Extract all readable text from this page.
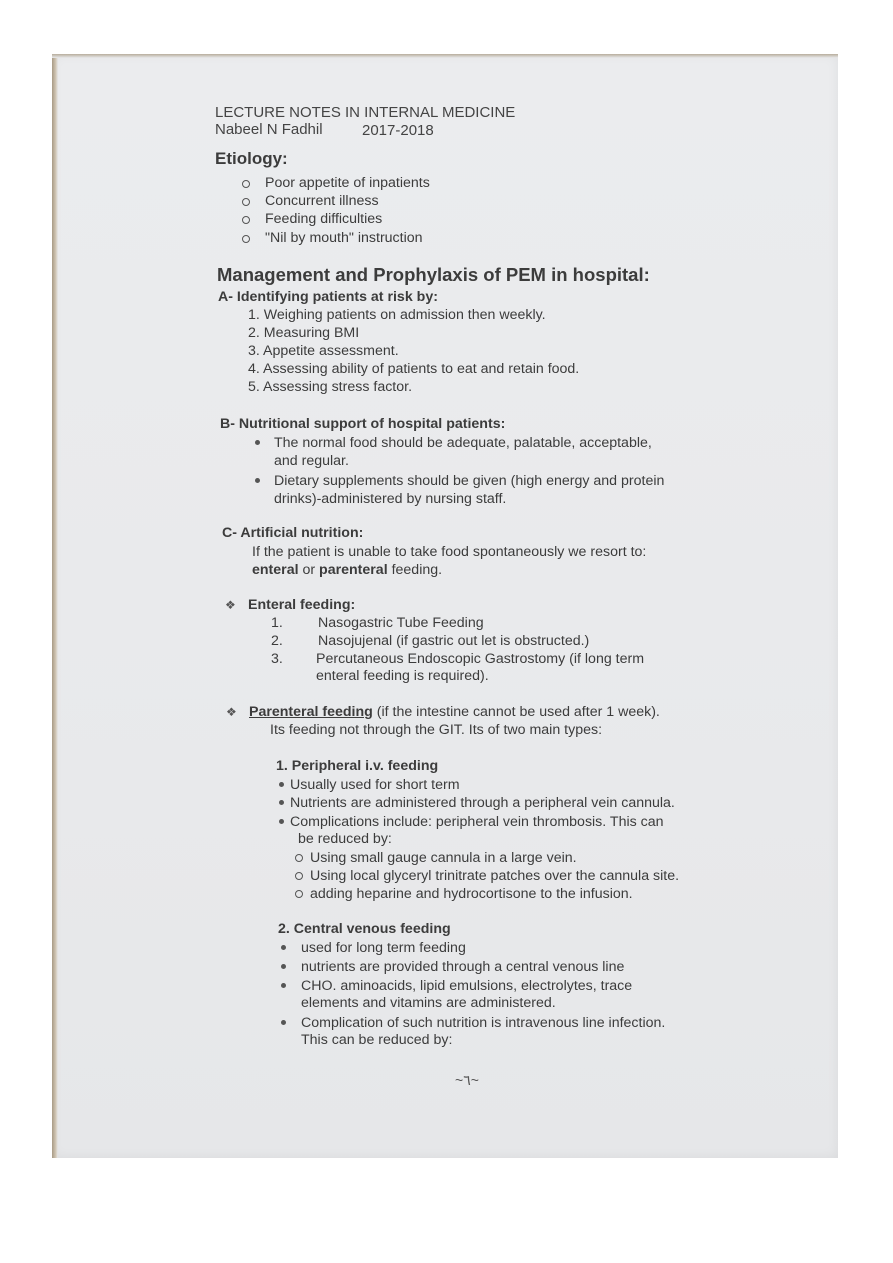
LECTURE NOTES IN INTERNAL MEDICINE
Nabeel N Fadhil	2017-2018
Etiology:
Poor appetite of inpatients
Concurrent illness
Feeding difficulties
"Nil by mouth" instruction
Management and Prophylaxis of PEM in hospital:
A- Identifying patients at risk by:
1. Weighing patients on admission then weekly.
2. Measuring BMI
3. Appetite assessment.
4. Assessing ability of patients to eat and retain food.
5. Assessing stress factor.
B- Nutritional support of hospital patients:
The normal food should be adequate, palatable, acceptable,
and regular.
Dietary supplements should be given (high energy and protein
drinks)-administered by nursing staff.
C- Artificial nutrition:
If the patient is unable to take food spontaneously we resort to:
enteral or parenteral feeding.
❖ Enteral feeding:
1. Nasogastric Tube Feeding
2. Nasojujenal (if gastric out let is obstructed.)
3. Percutaneous Endoscopic Gastrostomy (if long term
enteral feeding is required).
❖ Parenteral feeding (if the intestine cannot be used after 1 week).
Its feeding not through the GIT. Its of two main types:
1. Peripheral i.v. feeding
Usually used for short term
Nutrients are administered through a peripheral vein cannula.
Complications include: peripheral vein thrombosis. This can
be reduced by:
Using small gauge cannula in a large vein.
Using local glyceryl trinitrate patches over the cannula site.
adding heparine and hydrocortisone to the infusion.
2. Central venous feeding
used for long term feeding
nutrients are provided through a central venous line
CHO. aminoacids, lipid emulsions, electrolytes, trace
elements and vitamins are administered.
Complication of such nutrition is intravenous line infection.
This can be reduced by:
~٦~
